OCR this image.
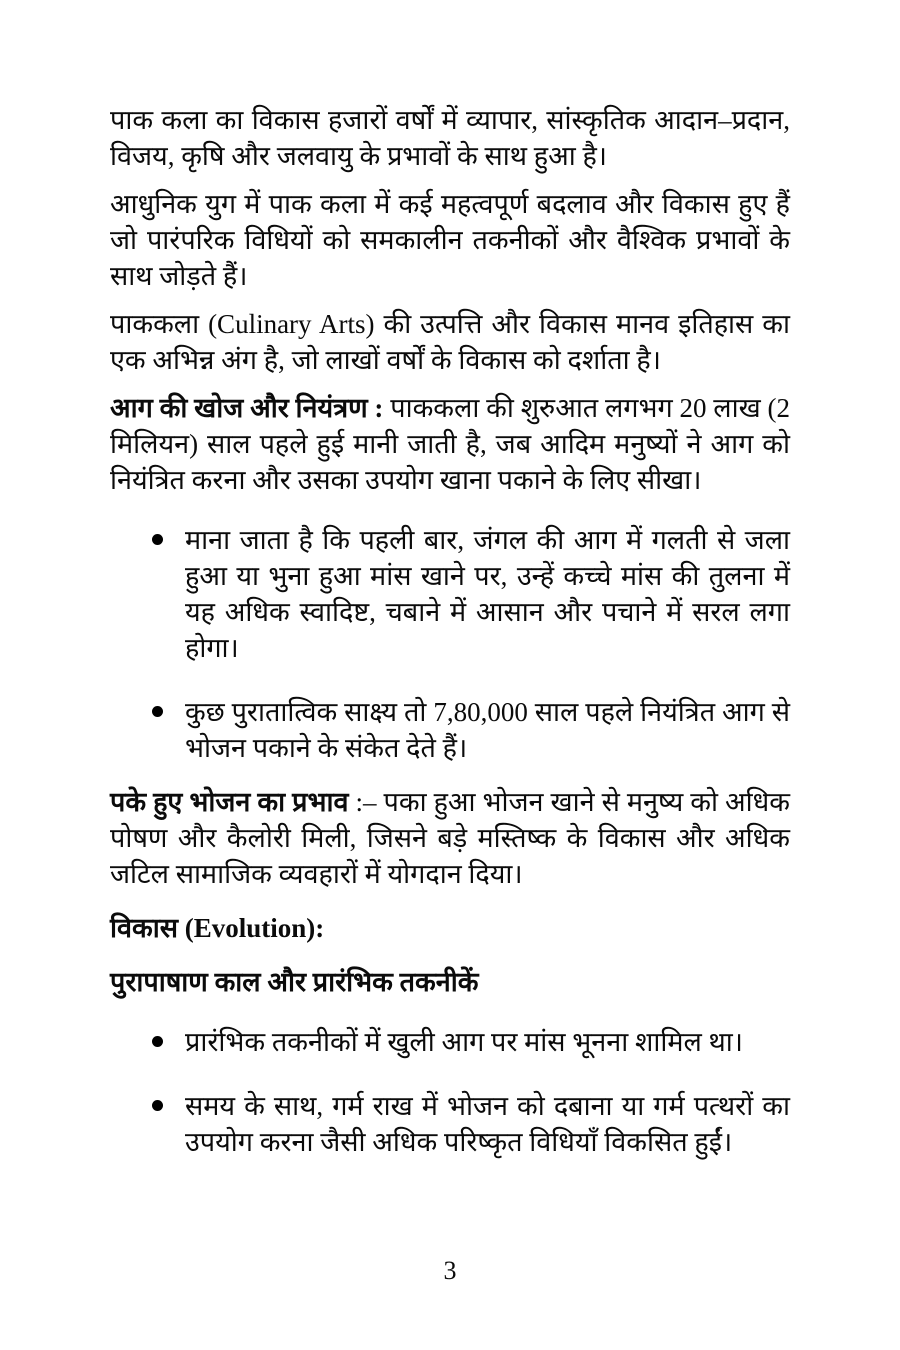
पाक कला का विकास हजारों वर्षों में व्यापार, सांस्कृतिक आदान–प्रदान, विजय, कृषि और जलवायु के प्रभावों के साथ हुआ है।

आधुनिक युग में पाक कला में कई महत्वपूर्ण बदलाव और विकास हुए हैं जो पारंपरिक विधियों को समकालीन तकनीकों और वैश्विक प्रभावों के साथ जोड़ते हैं।

पाककला (Culinary Arts) की उत्पत्ति और विकास मानव इतिहास का एक अभिन्न अंग है, जो लाखों वर्षों के विकास को दर्शाता है।

आग की खोज और नियंत्रण : पाककला की शुरुआत लगभग 20 लाख (2 मिलियन) साल पहले हुई मानी जाती है, जब आदिम मनुष्यों ने आग को नियंत्रित करना और उसका उपयोग खाना पकाने के लिए सीखा।

माना जाता है कि पहली बार, जंगल की आग में गलती से जला हुआ या भुना हुआ मांस खाने पर, उन्हें कच्चे मांस की तुलना में यह अधिक स्वादिष्ट, चबाने में आसान और पचाने में सरल लगा होगा।
कुछ पुरातात्विक साक्ष्य तो 7,80,000 साल पहले नियंत्रित आग से भोजन पकाने के संकेत देते हैं।

पके हुए भोजन का प्रभाव :– पका हुआ भोजन खाने से मनुष्य को अधिक पोषण और कैलोरी मिली, जिसने बड़े मस्तिष्क के विकास और अधिक जटिल सामाजिक व्यवहारों में योगदान दिया।

विकास (Evolution):
पुरापाषाण काल और प्रारंभिक तकनीकें
प्रारंभिक तकनीकों में खुली आग पर मांस भूनना शामिल था।
समय के साथ, गर्म राख में भोजन को दबाना या गर्म पत्थरों का उपयोग करना जैसी अधिक परिष्कृत विधियाँ विकसित हुईं।
3
